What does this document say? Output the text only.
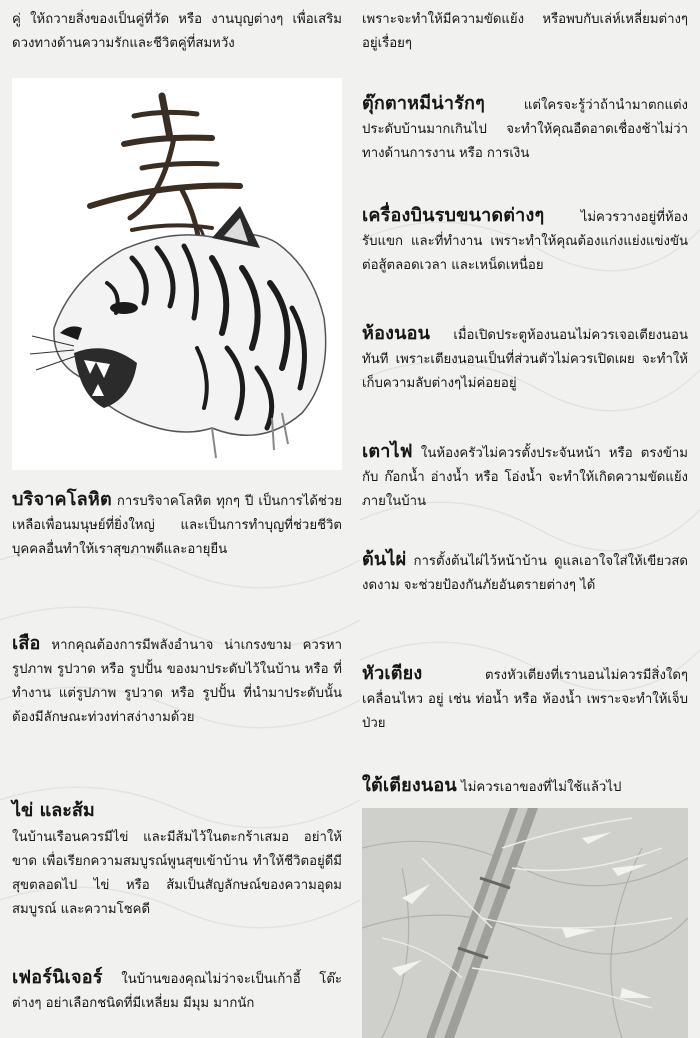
คู่ ให้ถวายสิ่งของเป็นคู่ที่วัด หรือ งานบุญต่างๆ เพื่อเสริมดวงทางด้านความรักและชีวิตคู่ที่สมหวัง

บริจาคโลหิต การบริจาคโลหิต ทุกๆ ปี เป็นการได้ช่วยเหลือเพื่อนมนุษย์ที่ยิ่งใหญ่ และเป็นการทำบุญที่ช่วยชีวิตบุคคลอื่นทำให้เราสุขภาพดีและอายุยืน

เสือ หากคุณต้องการมีพลังอำนาจ น่าเกรงขาม ควรหารูปภาพ รูปวาด หรือ รูปปั้น ของมาประดับไว้ในบ้าน หรือ ที่ทำงาน แต่รูปภาพ รูปวาด หรือ รูปปั้น ที่นำมาประดับนั้น ต้องมีลักษณะท่วงท่าสง่างามด้วย

ไข่ และส้ม

ในบ้านเรือนควรมีไข่ และมีส้มไว้ในตะกร้าเสมอ อย่าให้ขาด เพื่อเรียกความสมบูรณ์พูนสุขเข้าบ้าน ทำให้ชีวิตอยู่ดีมีสุขตลอดไป ไข่ หรือ ส้มเป็นสัญลักษณ์ของความอุดมสมบูรณ์ และความโชคดี

เฟอร์นิเจอร์ ในบ้านของคุณไม่ว่าจะเป็นเก้าอี้ โต๊ะต่างๆ อย่าเลือกชนิดที่มีเหลี่ยม มีมุม มากนัก

เพราะจะทำให้มีความขัดแย้ง หรือพบกับเล่ห์เหลี่ยมต่างๆ อยู่เรื่อยๆ

ตุ๊กตาหมีน่ารักๆ	แต่ใครจะรู้ว่าถ้านำมาตกแต่งประดับบ้านมากเกินไป จะทำให้คุณอืดอาดเชื่องช้าไม่ว่าทางด้านการงาน หรือ การเงิน

เครื่องบินรบขนาดต่างๆ	ไม่ควรวางอยู่ที่ห้องรับแขก และที่ทำงาน เพราะทำให้คุณต้องแก่งแย่งแข่งขัน ต่อสู้ตลอดเวลา และเหน็ดเหนื่อย

ห้องนอน เมื่อเปิดประตูห้องนอนไม่ควรเจอเตียงนอนทันที เพราะเตียงนอนเป็นที่ส่วนตัวไม่ควรเปิดเผย จะทำให้เก็บความลับต่างๆไม่ค่อยอยู่

เตาไฟ ในห้องครัวไม่ควรตั้งประจันหน้า หรือ ตรงข้าม กับ ก๊อกน้ำ อ่างน้ำ หรือ โอ่งน้ำ จะทำให้เกิดความขัดแย้งภายในบ้าน

ต้นไผ่ การตั้งต้นไผ่ไว้หน้าบ้าน ดูแลเอาใจใส่ให้เขียวสดงดงาม จะช่วยป้องกันภัยอันตรายต่างๆ ได้

หัวเตียง	ตรงหัวเตียงที่เรานอนไม่ควรมีสิ่งใดๆ เคลื่อนไหว อยู่ เช่น ท่อน้ำ หรือ ห้องน้ำ เพราะจะทำให้เจ็บป่วย

ใต้เตียงนอน ไม่ควรเอาของที่ไม่ใช้แล้วไป
